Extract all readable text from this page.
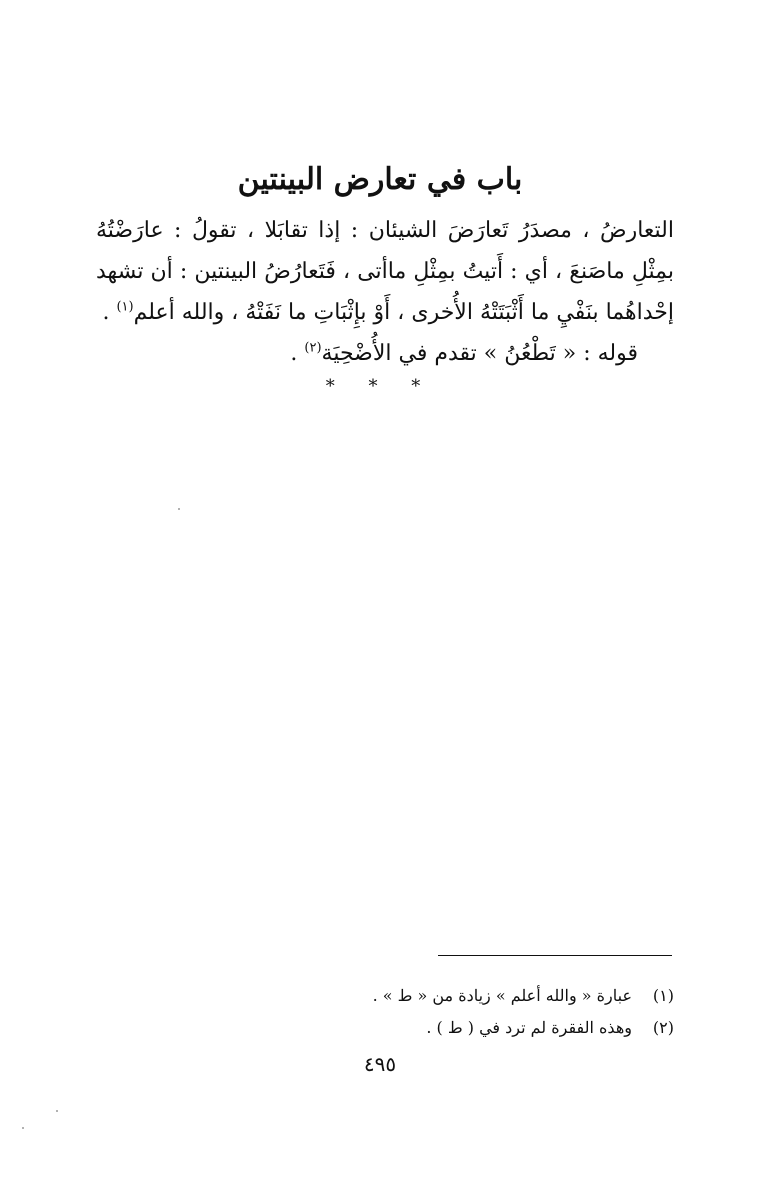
باب في تعارض البينتين

التعارضُ ، مصدَرُ تَعارَضَ الشيئان : إذا تقابَلا ، تقولُ : عارَضْتُهُ بمِثْلِ ماصَنعَ ، أي : أَتيتُ بمِثْلِ ماأتى ، فَتَعارُضُ البينتين : أن تشهد إحْداهُما بنَفْيِ ما أَثْبَتَتْهُ الأُخرى ، أَوْ بإِثْبَاتِ ما نَفَتْهُ ، والله أعلم$^{(١)}$ .

قوله : « تَطْعُنُ » تقدم في الأُضْحِيَة$^{(٢)}$ .

* * *
(١)
عبارة « والله أعلم » زيادة من « ط » .
(٢)
وهذه الفقرة لم ترد في ( ط ) .
٤٩٥
